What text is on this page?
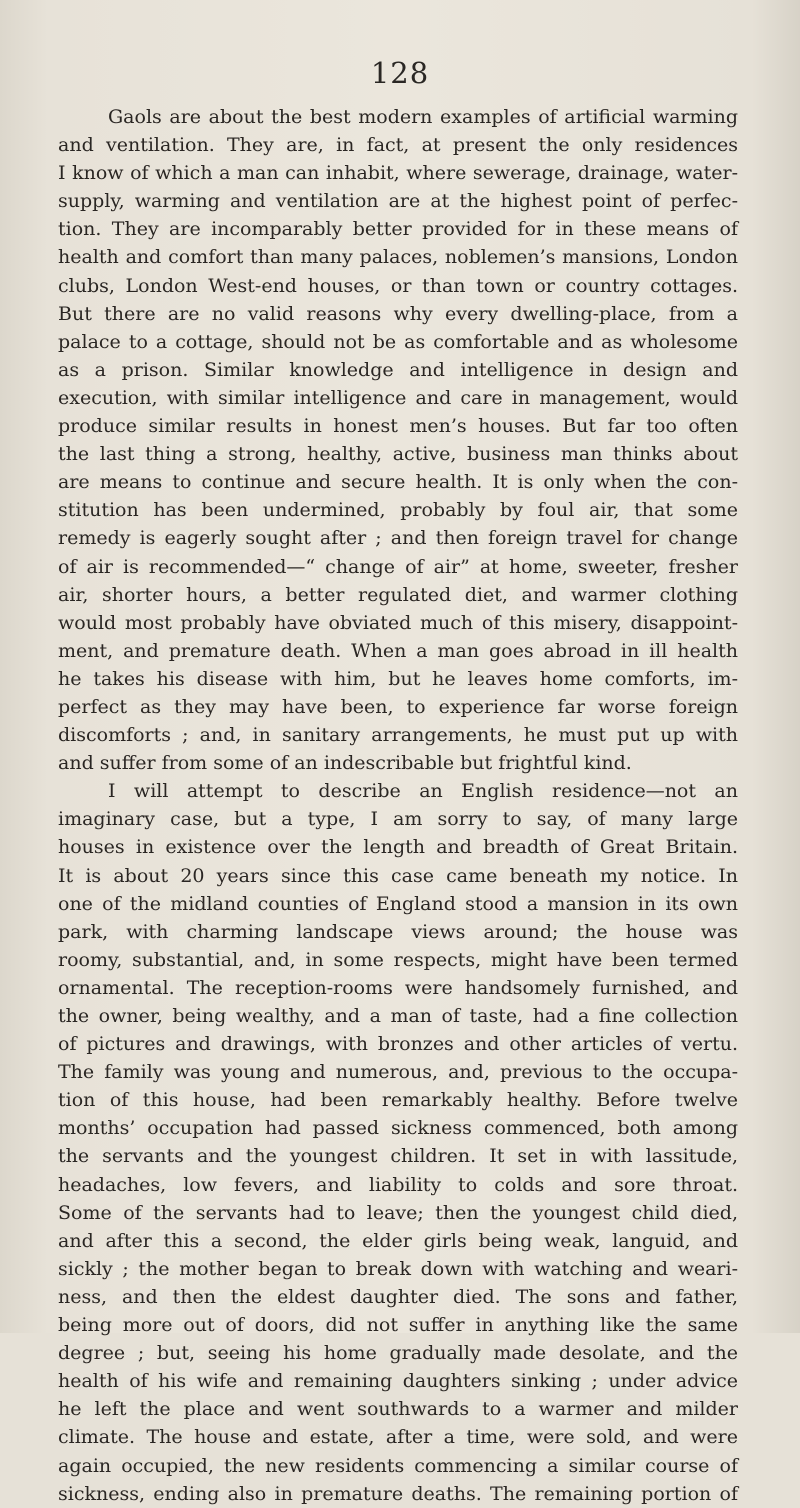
128

Gaols are about the best modern examples of artificial warming
and ventilation. They are, in fact, at present the only residences
I know of which a man can inhabit, where sewerage, drainage, water-
supply, warming and ventilation are at the highest point of perfec-
tion. They are incomparably better provided for in these means of
health and comfort than many palaces, noblemen’s mansions, London
clubs, London West-end houses, or than town or country cottages.
But there are no valid reasons why every dwelling-place, from a
palace to a cottage, should not be as comfortable and as wholesome
as a prison. Similar knowledge and intelligence in design and
execution, with similar intelligence and care in management, would
produce similar results in honest men’s houses. But far too often
the last thing a strong, healthy, active, business man thinks about
are means to continue and secure health. It is only when the con-
stitution has been undermined, probably by foul air, that some
remedy is eagerly sought after ; and then foreign travel for change
of air is recommended—“ change of air” at home, sweeter, fresher
air, shorter hours, a better regulated diet, and warmer clothing
would most probably have obviated much of this misery, disappoint-
ment, and premature death. When a man goes abroad in ill health
he takes his disease with him, but he leaves home comforts, im-
perfect as they may have been, to experience far worse foreign
discomforts ; and, in sanitary arrangements, he must put up with
and suffer from some of an indescribable but frightful kind.

I will attempt to describe an English residence—not an
imaginary case, but a type, I am sorry to say, of many large
houses in existence over the length and breadth of Great Britain.
It is about 20 years since this case came beneath my notice. In
one of the midland counties of England stood a mansion in its own
park, with charming landscape views around; the house was
roomy, substantial, and, in some respects, might have been termed
ornamental. The reception-rooms were handsomely furnished, and
the owner, being wealthy, and a man of taste, had a fine collection
of pictures and drawings, with bronzes and other articles of vertu.
The family was young and numerous, and, previous to the occupa-
tion of this house, had been remarkably healthy. Before twelve
months’ occupation had passed sickness commenced, both among
the servants and the youngest children. It set in with lassitude,
headaches, low fevers, and liability to colds and sore throat.
Some of the servants had to leave; then the youngest child died,
and after this a second, the elder girls being weak, languid, and
sickly ; the mother began to break down with watching and weari-
ness, and then the eldest daughter died. The sons and father,
being more out of doors, did not suffer in anything like the same
degree ; but, seeing his home gradually made desolate, and the
health of his wife and remaining daughters sinking ; under advice
he left the place and went southwards to a warmer and milder
climate. The house and estate, after a time, were sold, and were
again occupied, the new residents commencing a similar course of
sickness, ending also in premature deaths. The remaining portion of
